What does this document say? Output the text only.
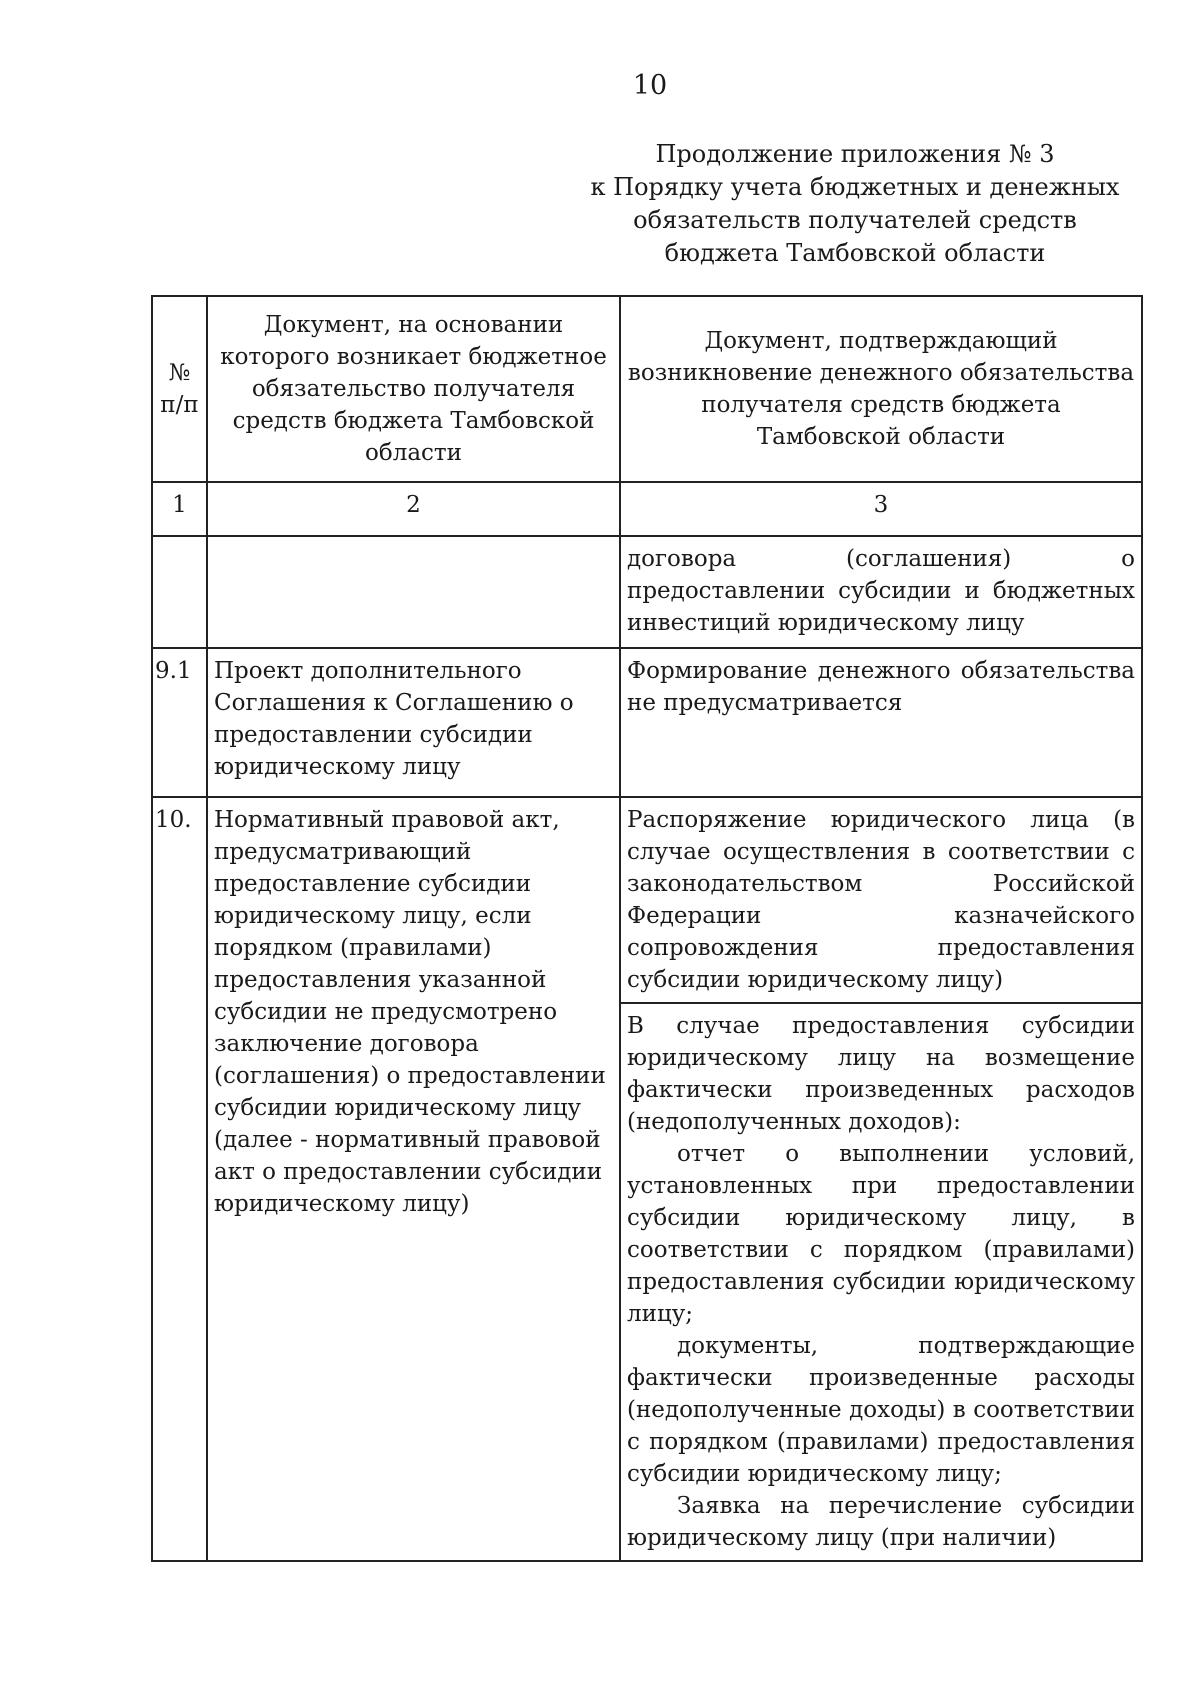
10
Продолжение приложения № 3
к Порядку учета бюджетных и денежных
обязательств получателей средств
бюджета Тамбовской области
№ п/п	Документ, на основании которого возникает бюджетное обязательство получателя средств бюджета Тамбовской области	Документ, подтверждающий возникновение денежного обязательства получателя средств бюджета Тамбовской области
1	2	3
		договора (соглашения) о предоставлении субсидии и бюджетных инвестиций юридическому лицу
9.1	Проект дополнительного Соглашения к Соглашению о предоставлении субсидии юридическому лицу	Формирование денежного обязательства не предусматривается
10.	Нормативный правовой акт, предусматривающий предоставление субсидии юридическому лицу, если порядком (правилами) предоставления указанной субсидии не предусмотрено заключение договора (соглашения) о предоставлении субсидии юридическому лицу (далее - нормативный правовой акт о предоставлении субсидии юридическому лицу)	Распоряжение юридического лица (в случае осуществления в соответствии с законодательством Российской Федерации казначейского сопровождения предоставления субсидии юридическому лицу)

		В случае предоставления субсидии юридическому лицу на возмещение фактически произведенных расходов (недополученных доходов):

отчет о выполнении условий, установленных при предоставлении субсидии юридическому лицу, в соответствии с порядком (правилами) предоставления субсидии юридическому лицу;

документы, подтверждающие фактически произведенные расходы (недополученные доходы) в соответствии с порядком (правилами) предоставления субсидии юридическому лицу;

Заявка на перечисление субсидии юридическому лицу (при наличии)
